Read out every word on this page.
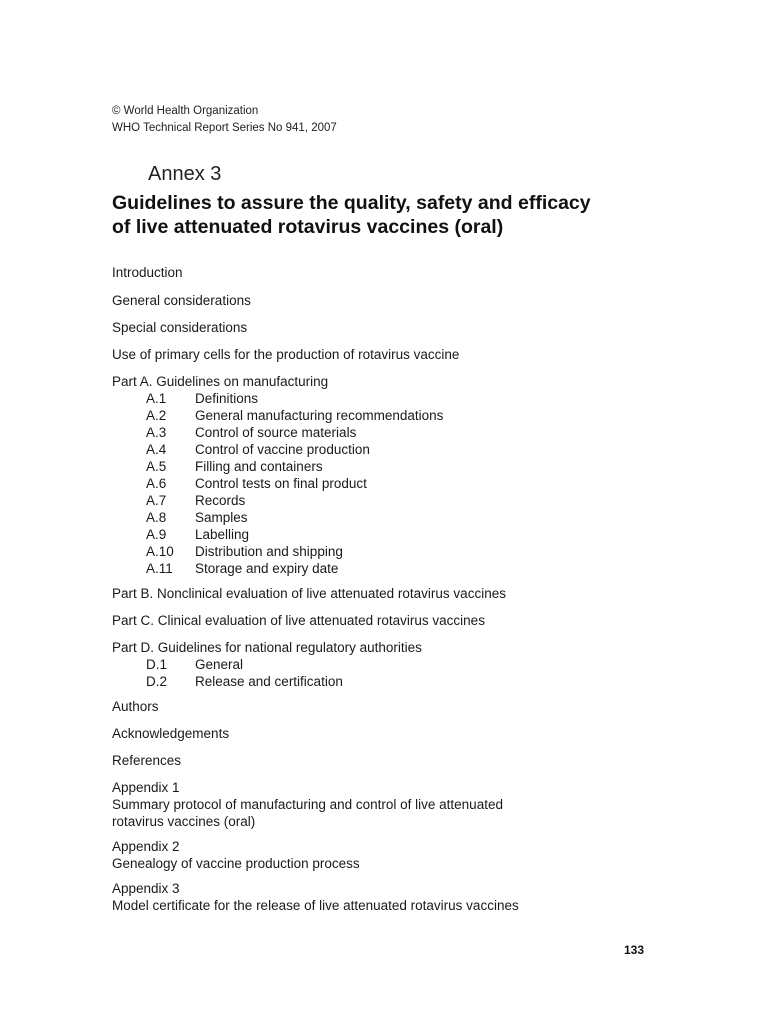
© World Health Organization
WHO Technical Report Series No 941, 2007
Annex 3
Guidelines to assure the quality, safety and efficacy
of live attenuated rotavirus vaccines (oral)
Introduction
General considerations
Special considerations
Use of primary cells for the production of rotavirus vaccine
Part A. Guidelines on manufacturing
A.1 Definitions
A.2 General manufacturing recommendations
A.3 Control of source materials
A.4 Control of vaccine production
A.5 Filling and containers
A.6 Control tests on final product
A.7 Records
A.8 Samples
A.9 Labelling
A.10 Distribution and shipping
A.11 Storage and expiry date
Part B. Nonclinical evaluation of live attenuated rotavirus vaccines
Part C. Clinical evaluation of live attenuated rotavirus vaccines
Part D. Guidelines for national regulatory authorities
D.1 General
D.2 Release and certification
Authors
Acknowledgements
References
Appendix 1
Summary protocol of manufacturing and control of live attenuated
rotavirus vaccines (oral)
Appendix 2
Genealogy of vaccine production process
Appendix 3
Model certificate for the release of live attenuated rotavirus vaccines
133
